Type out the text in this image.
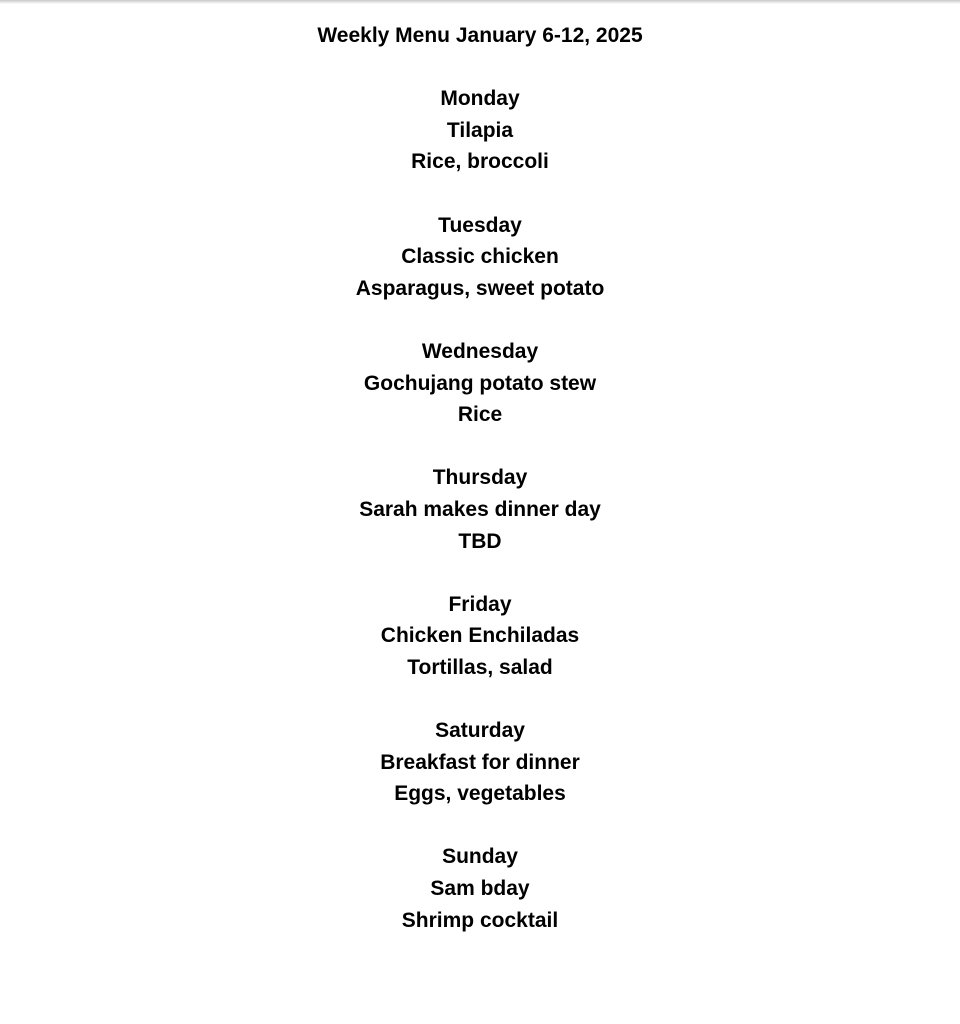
Weekly Menu January 6-12, 2025
Monday
Tilapia
Rice, broccoli
Tuesday
Classic chicken
Asparagus, sweet potato
Wednesday
Gochujang potato stew
Rice
Thursday
Sarah makes dinner day
TBD
Friday
Chicken Enchiladas
Tortillas, salad
Saturday
Breakfast for dinner
Eggs, vegetables
Sunday
Sam bday
Shrimp cocktail
